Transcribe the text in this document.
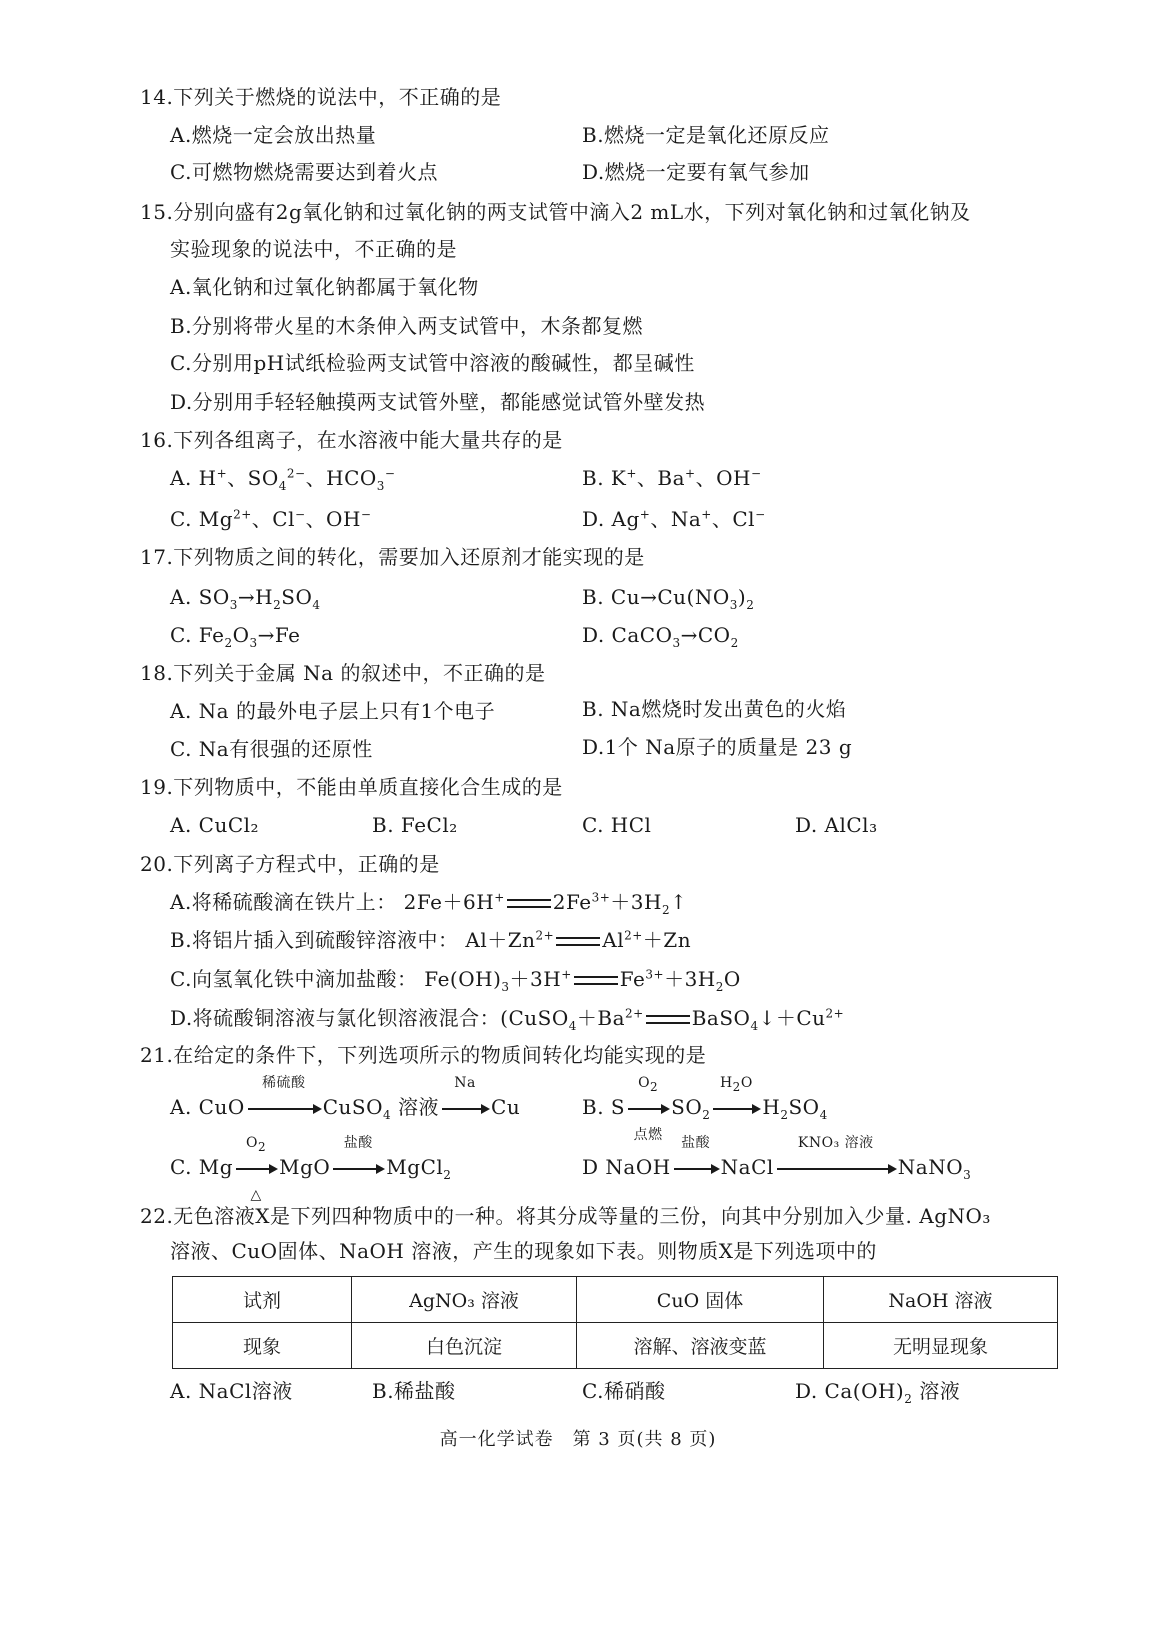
14.下列关于燃烧的说法中，不正确的是
A.燃烧一定会放出热量	B.燃烧一定是氧化还原反应
C.可燃物燃烧需要达到着火点	D.燃烧一定要有氧气参加
15.分别向盛有2g氧化钠和过氧化钠的两支试管中滴入2 mL水，下列对氧化钠和过氧化钠及
实验现象的说法中，不正确的是
A.氧化钠和过氧化钠都属于氧化物
B.分别将带火星的木条伸入两支试管中，木条都复燃
C.分别用pH试纸检验两支试管中溶液的酸碱性，都呈碱性
D.分别用手轻轻触摸两支试管外壁，都能感觉试管外壁发热
16.下列各组离子，在水溶液中能大量共存的是
A. H+、$SO_4^{2-}$、$HCO_3^-$	B. K+、Ba+、OH−
C. $Mg^{2+}$、Cl−、OH−	D. Ag+、Na+、Cl−
17.下列物质之间的转化，需要加入还原剂才能实现的是
A. $SO_3\to H_2SO_4$	B. $Cu\to Cu(NO_3)_2$
C. $Fe_2O_3\to Fe$	D. $CaCO_3\to CO_2$
18.下列关于金属 Na 的叙述中，不正确的是
A. Na 的最外电子层上只有1个电子	B. Na燃烧时发出黄色的火焰
C. Na有很强的还原性	D.1个 Na原子的质量是 23 g
19.下列物质中，不能由单质直接化合生成的是
A. CuCl₂	B. FeCl₂	C. HCl	D. AlCl₃
20.下列离子方程式中，正确的是
A.将稀硫酸滴在铁片上： 2Fe＋6H+ $2Fe^{3+}+3H_2↑$
B.将铝片插入到硫酸锌溶液中： $Al+Zn^{2+}$ $Al^{2+}+Zn$
C.向氢氧化铁中滴加盐酸： $Fe(OH)_3+3H^+$ $Fe^{3+}+3H_2O$
D.将硫酸铜溶液与氯化钡溶液混合：($CuSO_4+Ba^{2+}$ $BaSO_4↓+Cu^{2+}$
21.在给定的条件下，下列选项所示的物质间转化均能实现的是
A. CuO
稀硫酸
CuSO$_4$ 溶液
Na
Cu	B. S
$O_2$
点燃
$SO_2$
$H_2O$
$H_2SO_4$
C. Mg
$O_2$
△
MgO
盐酸
MgCl$_2$	D NaOH
盐酸
NaCl
KNO₃ 溶液
NaNO$_3$
22.无色溶液X是下列四种物质中的一种。将其分成等量的三份，向其中分别加入少量. AgNO₃
溶液、CuO固体、NaOH 溶液，产生的现象如下表。则物质X是下列选项中的
试剂	AgNO₃ 溶液	CuO 固体	NaOH 溶液
现象	白色沉淀	溶解、溶液变蓝	无明显现象
A. NaCl溶液	B.稀盐酸	C.稀硝酸	D. $Ca(OH)_2$ 溶液
高一化学试卷　第 3 页(共 8 页)
